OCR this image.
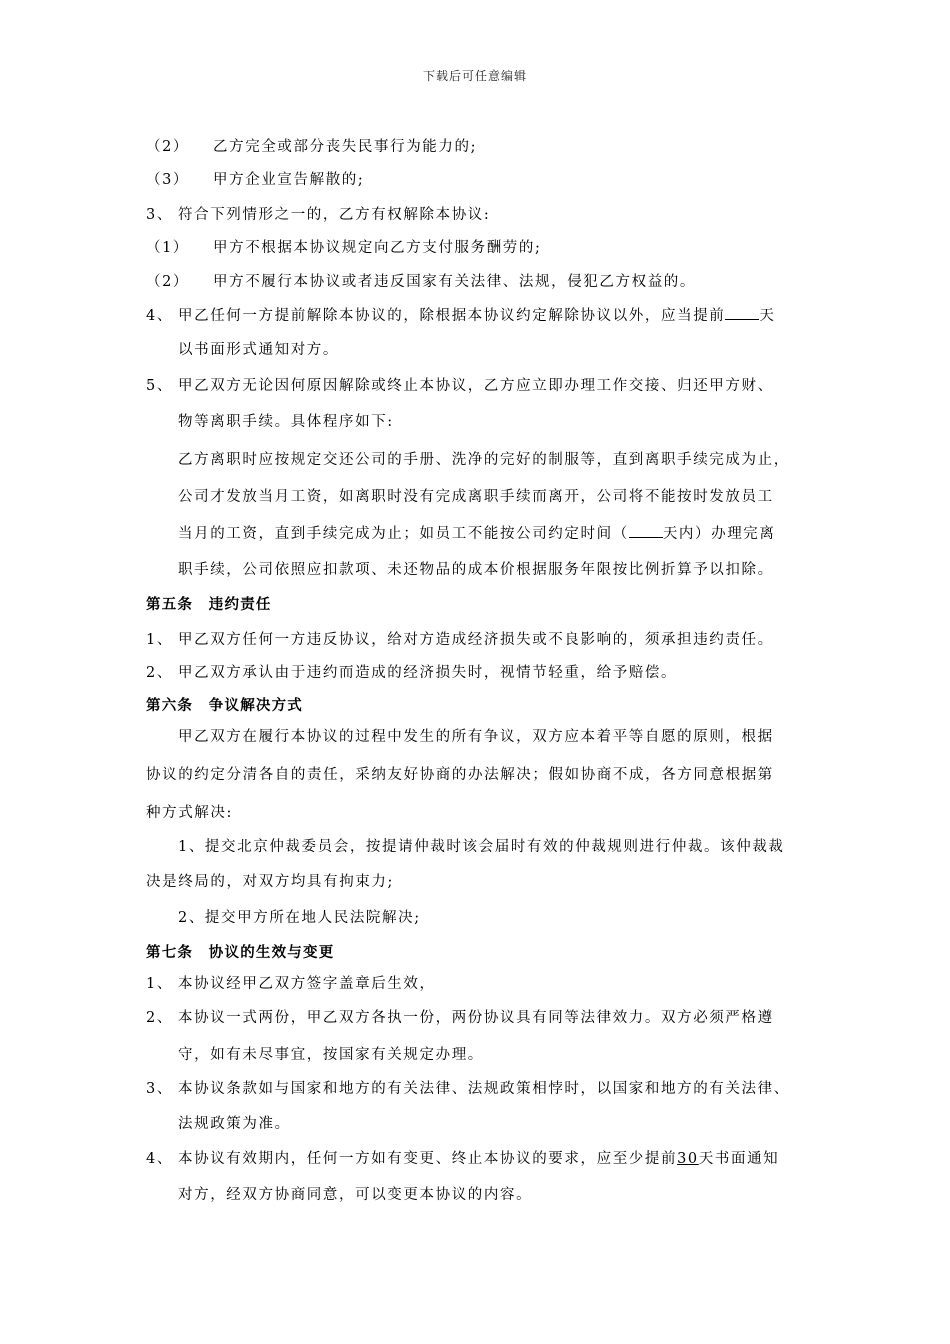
下载后可任意编辑
（2） 乙方完全或部分丧失民事行为能力的;
（3） 甲方企业宣告解散的;
3、 符合下列情形之一的，乙方有权解除本协议:
（1） 甲方不根据本协议规定向乙方支付服务酬劳的;
（2） 甲方不履行本协议或者违反国家有关法律、法规，侵犯乙方权益的。
4、 甲乙任何一方提前解除本协议的，除根据本协议约定解除协议以外，应当提前 天
以书面形式通知对方。
5、 甲乙双方无论因何原因解除或终止本协议，乙方应立即办理工作交接、归还甲方财、
物等离职手续。具体程序如下:
乙方离职时应按规定交还公司的手册、洗净的完好的制服等，直到离职手续完成为止，
公司才发放当月工资，如离职时没有完成离职手续而离开，公司将不能按时发放员工
当月的工资，直到手续完成为止；如员工不能按公司约定时间（ 天内）办理完离
职手续，公司依照应扣款项、未还物品的成本价根据服务年限按比例折算予以扣除。
第五条　违约责任
1、 甲乙双方任何一方违反协议，给对方造成经济损失或不良影响的，须承担违约责任。
2、 甲乙双方承认由于违约而造成的经济损失时，视情节轻重，给予赔偿。
第六条　争议解决方式
甲乙双方在履行本协议的过程中发生的所有争议，双方应本着平等自愿的原则，根据
协议的约定分清各自的责任，采纳友好协商的办法解决；假如协商不成，各方同意根据第
种方式解决:
1、提交北京仲裁委员会，按提请仲裁时该会届时有效的仲裁规则进行仲裁。该仲裁裁
决是终局的，对双方均具有拘束力;
2、提交甲方所在地人民法院解决;
第七条　协议的生效与变更
1、 本协议经甲乙双方签字盖章后生效，
2、 本协议一式两份，甲乙双方各执一份，两份协议具有同等法律效力。双方必须严格遵
守，如有未尽事宜，按国家有关规定办理。
3、 本协议条款如与国家和地方的有关法律、法规政策相悖时，以国家和地方的有关法律、
法规政策为准。
4、 本协议有效期内，任何一方如有变更、终止本协议的要求，应至少提前30天书面通知
对方，经双方协商同意，可以变更本协议的内容。
